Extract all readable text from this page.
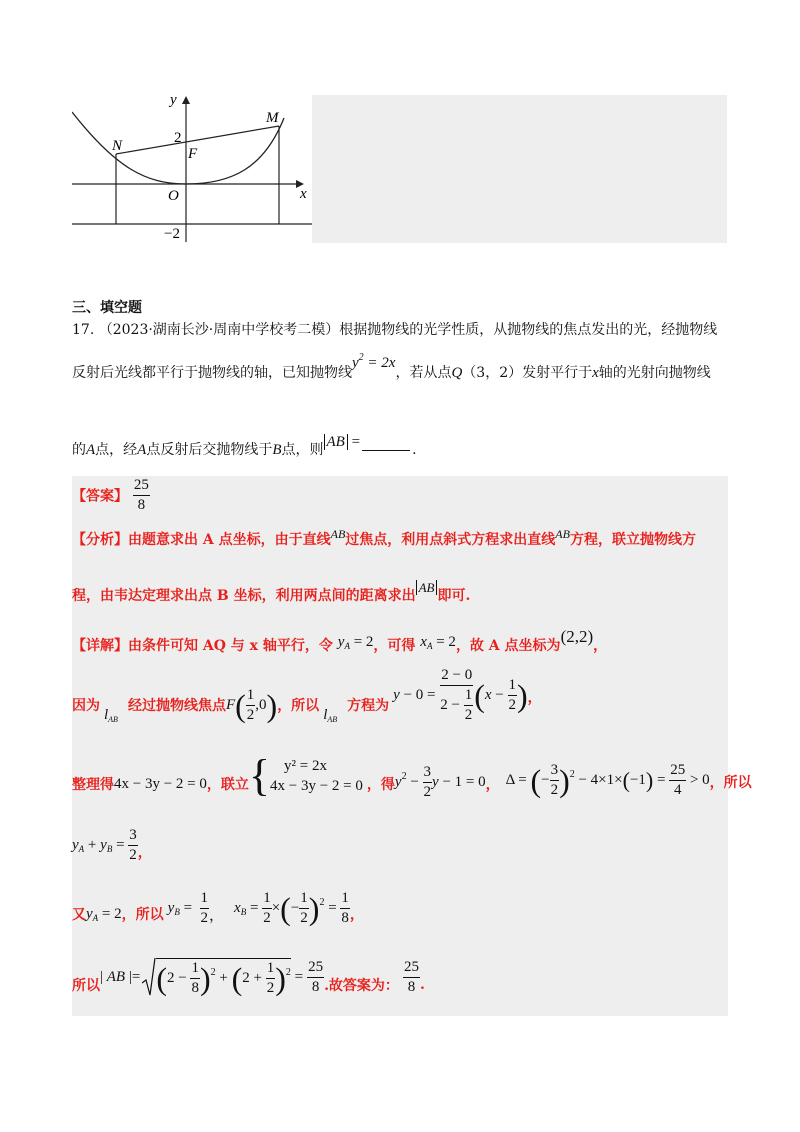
y
x
M
N	F
O
2
−2
三、填空题
17. （2023·湖南长沙·周南中学校考二模）根据抛物线的光学性质，从抛物线的焦点发出的光，经抛物线
反射后光线都平行于抛物线的轴，已知抛物线$y^2 = 2x$，若从点Q（3，2）发射平行于x轴的光射向抛物线
的A点，经A点反射后交抛物线于B点，则 AB =	.
【答案】 $\frac{25}{8}$
【分析】由题意求出 A 点坐标，由于直线AB过焦点，利用点斜式方程求出直线AB方程，联立抛物线方
程，由韦达定理求出点 B 坐标，利用两点间的距离求出AB即可.
【详解】由条件可知 AQ 与 x 轴平行，令 $y_A = 2$，可得 $x_A = 2$，故 A 点坐标为(2,2)，
因为
$l_{AB}$
经过抛物线焦点 $F( \frac{1}{2} ,0)$ ，所以
$l_{AB}$
方程为
$y - 0 = \frac{2 - 0}{2 - \frac{1}{2}} (x - \frac{1}{2}$ ) ，
整理得 4x − 3y − 2 = 0 ，联立 { y² = 2x
4x − 3y − 2 = 0 ，得 $y^2 - \frac{3}{2}$ y − 1 = 0 ， Δ = (− $\frac{3}{2} )^2 - 4\times 1\times(-1) = \frac{25}{4} > 0$ ，所以
$y_A + y_B = \frac{3}{2}$ ，
又 $y_A = 2$ ，所以 $y_B = \frac{1}{2}$ ，
$x_B = \frac{1}{2}$ ×(− $\frac{1}{2} )^2 = \frac{1}{8}$ ，
所以
| AB |= $(2 - \frac{1}{8} )^2 + (2 + \frac{1}{2} )^2 = \frac{25}{8}$ .故答案为： $\frac{25}{8}$ .
